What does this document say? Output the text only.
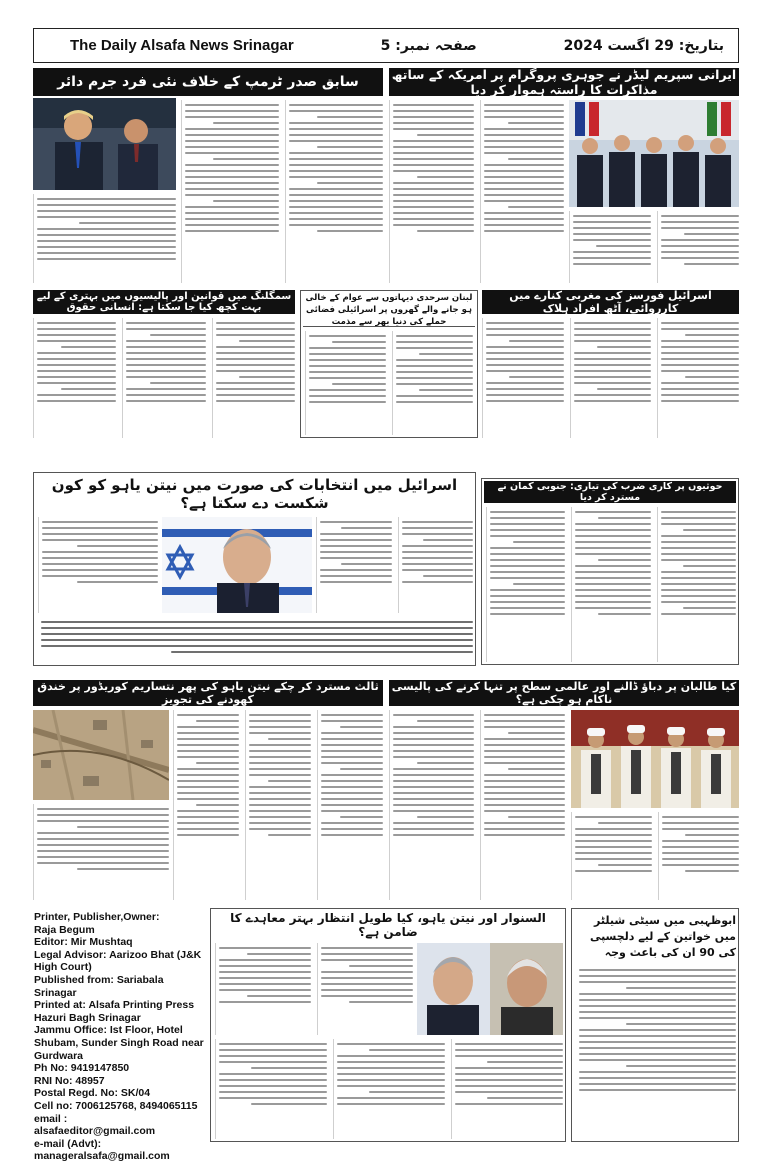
The Daily Alsafa News Srinagar	صفحہ نمبر: 5	بتاریخ: 29 اگست 2024
سابق صدر ٹرمپ کے خلاف نئی فرد جرم دائر	ایرانی سپریم لیڈر نے جوہری پروگرام پر امریکہ کے ساتھ مذاکرات کا راستہ ہموار کر دیا
سمگلنگ میں قوانین اور پالیسیوں میں بہتری کے لیے بہت کچھ کیا جا سکتا ہے: انسانی حقوق
لبنان سرحدی دیہاتوں سے عوام کے خالی ہو جانے والے گھروں پر اسرائیلی فضائی حملے کی دنیا بھر سے مذمت
اسرائیل فورسز کی مغربی کنارے میں کارروائی، آٹھ افراد ہلاک
اسرائیل میں انتخابات کی صورت میں نیتن یاہو کو کون شکست دے سکتا ہے؟
حوثیوں پر کاری ضرب کی تیاری: جنوبی کمان نے مسترد کر دیا
ثالث مسترد کر چکے نیتن یاہو کی پھر نتساریم کوریڈور پر خندق کھودنے کی تجویز
کیا طالبان پر دباؤ ڈالنے اور عالمی سطح پر تنہا کرنے کی پالیسی ناکام ہو چکی ہے؟
Printer, Publisher,Owner:
Raja Begum
Editor: Mir Mushtaq
Legal Advisor: Aarizoo Bhat (J&K
High Court)
Published from: Sariabala
Srinagar
Printed at: Alsafa Printing Press
Hazuri Bagh Srinagar
Jammu Office: Ist Floor, Hotel
Shubam, Sunder Singh Road near
Gurdwara
Ph No: 9419147850
RNI No: 48957
Postal Regd. No: SK/04
Cell no: 7006125768, 8494065115
email :
alsafaeditor@gmail.com
e-mail (Advt):
manageralsafa@gmail.com
السنوار اور نیتن یاہو، کیا طویل انتظار بہتر معاہدے کا ضامن ہے؟
ابوظہبی میں سیٹی شیلٹر میں خواتین کے لیے دلچسپی کی 90 ان کی باعث وجہ
